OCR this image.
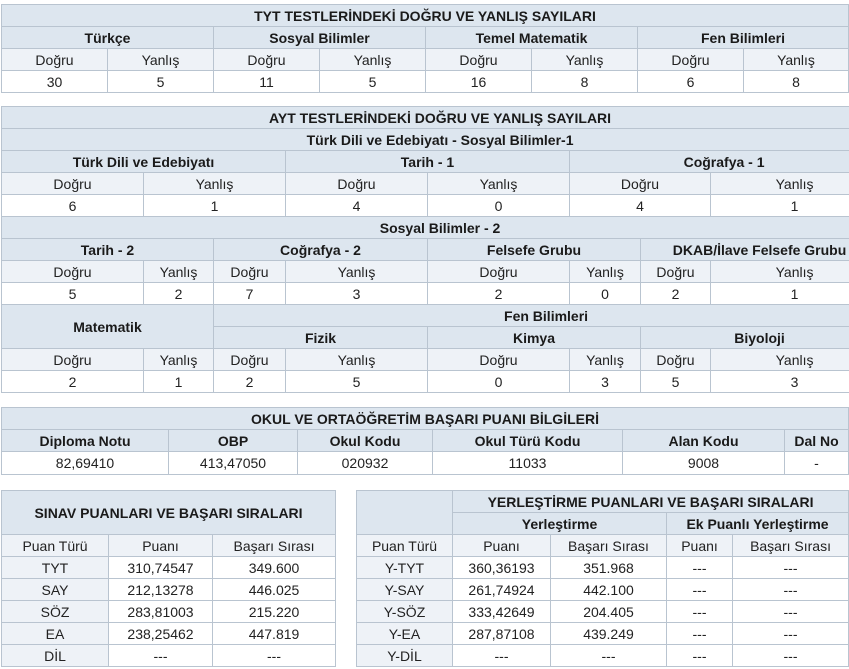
TYT TESTLERİNDEKİ DOĞRU VE YANLIŞ SAYILARI							
Türkçe		Sosyal Bilimler		Temel Matematik		Fen Bilimleri	
Doğru	Yanlış	Doğru	Yanlış	Doğru	Yanlış	Doğru	Yanlış
30	5	11	5	16	8	6	8
AYT TESTLERİNDEKİ DOĞRU VE YANLIŞ SAYILARI							
Türk Dili ve Edebiyatı - Sosyal Bilimler-1							
Türk Dili ve Edebiyatı			Tarih - 1		Coğrafya - 1		
Doğru	Yanlış		Doğru	Yanlış	Doğru		Yanlış
6	1		4	0	4		1
Sosyal Bilimler - 2							
Tarih - 2		Coğrafya - 2		Felsefe Grubu		DKAB/İlave Felsefe Grubu	
Doğru	Yanlış	Doğru	Yanlış	Doğru	Yanlış	Doğru	Yanlış
5	2	7	3	2	0	2	1
Matematik		Fen Bilimleri					
		Fizik		Kimya		Biyoloji	
Doğru	Yanlış	Doğru	Yanlış	Doğru	Yanlış	Doğru	Yanlış
2	1	2	5	0	3	5	3
OKUL VE ORTAÖĞRETİM BAŞARI PUANI BİLGİLERİ					
Diploma Notu	OBP	Okul Kodu	Okul Türü Kodu	Alan Kodu	Dal No
82,69410	413,47050	020932	11033	9008	-
SINAV PUANLARI VE BAŞARI SIRALARI		
Puan Türü	Puanı	Başarı Sırası
TYT	310,74547	349.600
SAY	212,13278	446.025
SÖZ	283,81003	215.220
EA	238,25462	447.819
DİL	---	---
	YERLEŞTİRME PUANLARI VE BAŞARI SIRALARI			
	Yerleştirme		Ek Puanlı Yerleştirme	
Puan Türü	Puanı	Başarı Sırası	Puanı	Başarı Sırası
Y-TYT	360,36193	351.968	---	---
Y-SAY	261,74924	442.100	---	---
Y-SÖZ	333,42649	204.405	---	---
Y-EA	287,87108	439.249	---	---
Y-DİL	---	---	---	---
